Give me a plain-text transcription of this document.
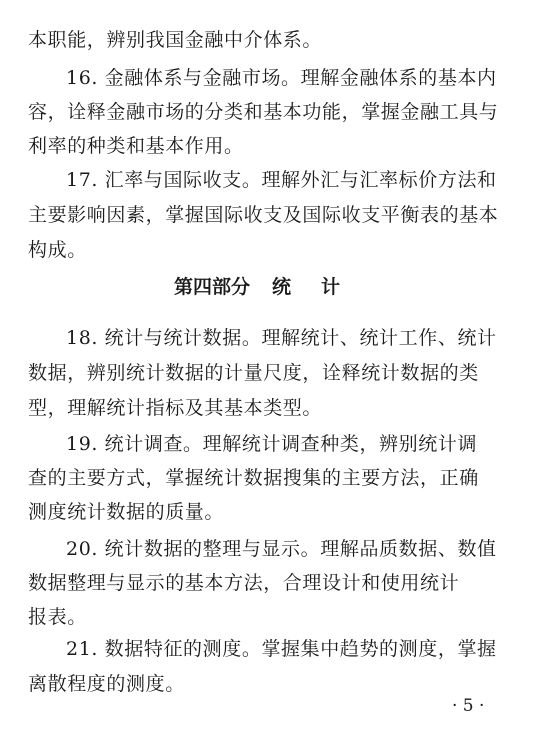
本职能，辨别我国金融中介体系。
16. 金融体系与金融市场。理解金融体系的基本内
容，诠释金融市场的分类和基本功能，掌握金融工具与
利率的种类和基本作用。
17. 汇率与国际收支。理解外汇与汇率标价方法和
主要影响因素，掌握国际收支及国际收支平衡表的基本
构成。
第四部分 统 计
18. 统计与统计数据。理解统计、统计工作、统计
数据，辨别统计数据的计量尺度，诠释统计数据的类
型，理解统计指标及其基本类型。
19. 统计调查。理解统计调查种类，辨别统计调
查的主要方式，掌握统计数据搜集的主要方法，正确
测度统计数据的质量。
20. 统计数据的整理与显示。理解品质数据、数值
数据整理与显示的基本方法，合理设计和使用统计
报表。
21. 数据特征的测度。掌握集中趋势的测度，掌握
离散程度的测度。
· 5 ·
